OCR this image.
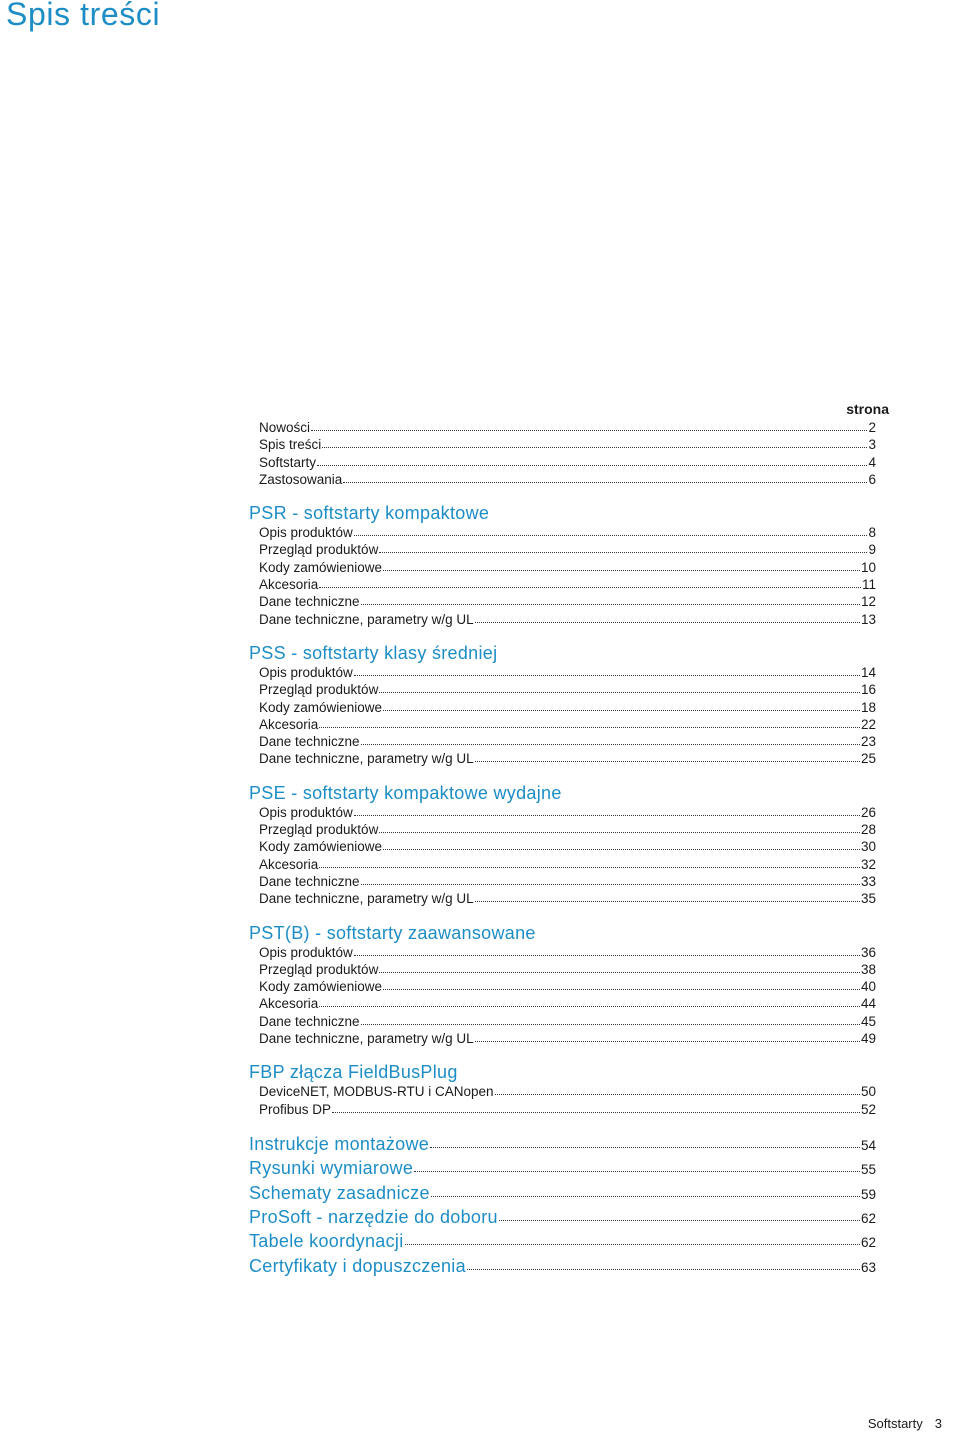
Spis treści
strona
Nowości	2
Spis treści	3
Softstarty	4
Zastosowania	6
PSR - softstarty kompaktowe
Opis produktów	8
Przegląd produktów	9
Kody zamówieniowe	10
Akcesoria	11
Dane techniczne	12
Dane techniczne, parametry w/g UL	13
PSS - softstarty klasy średniej
Opis produktów	14
Przegląd produktów	16
Kody zamówieniowe	18
Akcesoria	22
Dane techniczne	23
Dane techniczne, parametry w/g UL	25
PSE - softstarty kompaktowe wydajne
Opis produktów	26
Przegląd produktów	28
Kody zamówieniowe	30
Akcesoria	32
Dane techniczne	33
Dane techniczne, parametry w/g UL	35
PST(B) - softstarty zaawansowane
Opis produktów	36
Przegląd produktów	38
Kody zamówieniowe	40
Akcesoria	44
Dane techniczne	45
Dane techniczne, parametry w/g UL	49
FBP złącza FieldBusPlug
DeviceNET, MODBUS-RTU i CANopen	50
Profibus DP	52
Instrukcje montażowe	54
Rysunki wymiarowe	55
Schematy zasadnicze	59
ProSoft - narzędzie do doboru	62
Tabele koordynacji	62
Certyfikaty i dopuszczenia	63
Softstarty 3
